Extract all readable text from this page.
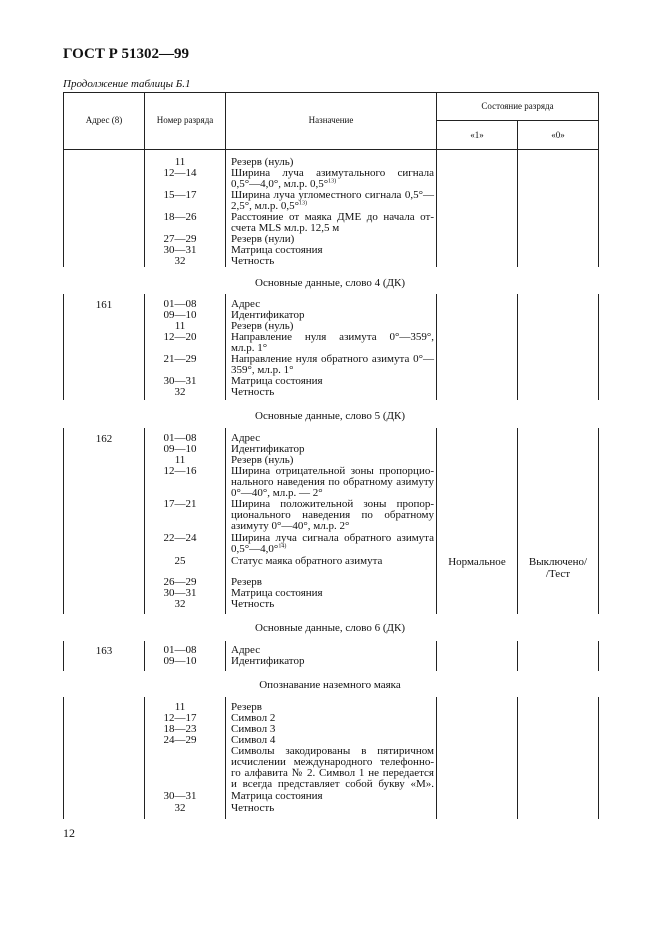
ГОСТ Р 51302—99
Продолжение таблицы Б.1
Адрес (8)	Номер разряда	Назначение
Состояние разряда
«1»	«0»
11	Резерв (нуль)
12—14	Ширина луча азимутального сигнала
0,5°—4,0°, мл.р. 0,5°$^{13)}$
15—17	Ширина луча угломестного сигнала 0,5°—
2,5°, мл.р. 0,5°$^{13)}$
18—26	Расстояние от маяка ДМЕ до начала от-
счета MLS мл.р. 12,5 м
27—29	Резерв (нули)
30—31	Матрица состояния
32	Четность
Основные данные, слово 4 (ДК)
161	01—08	Адрес
09—10	Идентификатор
11	Резерв (нуль)
12—20	Направление нуля азимута 0°—359°,
мл.р. 1°
21—29	Направление нуля обратного азимута 0°—
359°, мл.р. 1°
30—31	Матрица состояния
32	Четность
Основные данные, слово 5 (ДК)
162	01—08	Адрес
09—10	Идентификатор
11	Резерв (нуль)
12—16	Ширина отрицательной зоны пропорцио-
нального наведения по обратному азимуту
0°—40°, мл.р. — 2°
17—21	Ширина положительной зоны пропор-
ционального наведения по обратному
азимуту 0°—40°, мл.р. 2°
22—24	Ширина луча сигнала обратного азимута
0,5°—4,0°$^{14)}$
25	Статус маяка обратного азимута	Нормальное	Выключено/
/Тест
26—29	Резерв
30—31	Матрица состояния
32	Четность
Основные данные, слово 6 (ДК)
163	01—08	Адрес
09—10	Идентификатор
Опознавание наземного маяка
11	Резерв
12—17	Символ 2
18—23	Символ 3
24—29	Символ 4
Символы закодированы в пятиричном
исчислении международного телефонно-
го алфавита № 2. Символ 1 не передается
и всегда представляет собой букву «М».
30—31	Матрица состояния
32	Четность
12
